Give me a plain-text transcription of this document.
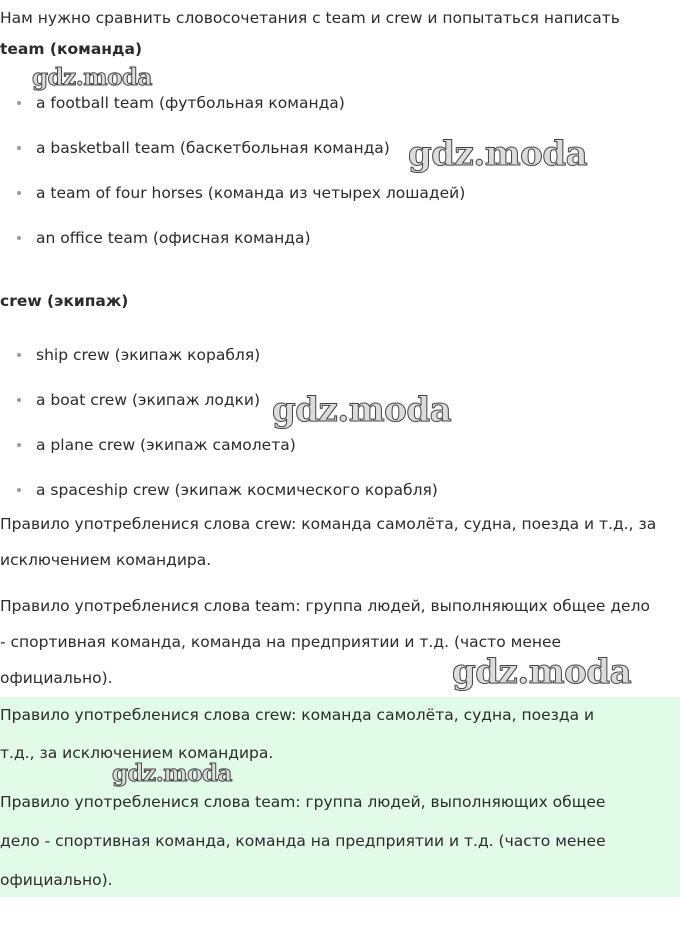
Нам нужно сравнить словосочетания с team и crew и попытаться написать
team (команда)
a football team (футбольная команда)
a basketball team (баскетбольная команда)
a team of four horses (команда из четырех лошадей)
an office team (офисная команда)
crew (экипаж)
ship crew (экипаж корабля)
a boat crew (экипаж лодки)
a plane crew (экипаж самолета)
a spaceship crew (экипаж космического корабля)
Правило употреблениcя слова crew: команда самолёта, судна, поезда и т.д., за
исключением командира.
Правило употреблениcя слова team: группа людей, выполняющих общее дело
- спортивная команда, команда на предприятии и т.д. (часто менее
официально).
Правило употреблениcя слова crew: команда самолёта, судна, поезда и
т.д., за исключением командира.
Правило употреблениcя слова team: группа людей, выполняющих общее
дело - спортивная команда, команда на предприятии и т.д. (часто менее
официально).
gdz.moda
gdz.moda
gdz.moda
gdz.moda
gdz.moda
